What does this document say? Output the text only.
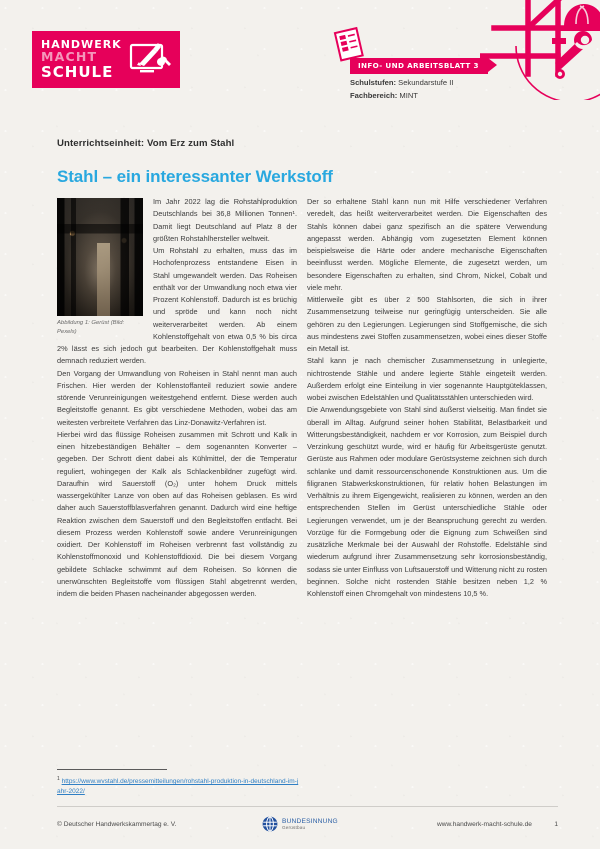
HANDWERK
MACHT
SCHULE	INFO- UND ARBEITSBLATT 3
Schulstufen: Sekundarstufe II
Fachbereich: MINT
Unterrichtseinheit: Vom Erz zum Stahl
Stahl – ein interessanter Werkstoff
Abbildung 1: Gerüst (Bild: Pexels)

Im Jahr 2022 lag die Rohstahlproduktion Deutschlands bei 36,8 Millionen Tonnen¹. Damit liegt Deutschland auf Platz 8 der größten Rohstahlhersteller weltweit.

Um Rohstahl zu erhalten, muss das im Hochofenprozess entstandene Eisen in Stahl umgewandelt werden. Das Roheisen enthält vor der Umwandlung noch etwa vier Prozent Kohlenstoff. Dadurch ist es brüchig und spröde und kann noch nicht weiterverarbeitet werden. Ab einem Kohlenstoffgehalt von etwa 0,5 % bis circa 2% lässt es sich jedoch gut bearbeiten. Der Kohlenstoffgehalt muss demnach reduziert werden.

Den Vorgang der Umwandlung von Roheisen in Stahl nennt man auch Frischen. Hier werden der Kohlenstoffanteil reduziert sowie andere störende Verunreinigungen weitestgehend entfernt. Diese werden auch Begleitstoffe genannt. Es gibt verschiedene Methoden, wobei das am weitesten verbreitete Verfahren das Linz-Donawitz-Verfahren ist.

Hierbei wird das flüssige Roheisen zusammen mit Schrott und Kalk in einen hitzebeständigen Behälter – dem sogenannten Konverter – gegeben. Der Schrott dient dabei als Kühlmittel, der die Temperatur reguliert, wohingegen der Kalk als Schlackenbildner zugefügt wird. Daraufhin wird Sauerstoff (O₂) unter hohem Druck mittels wassergekühlter Lanze von oben auf das Roheisen geblasen. Es wird daher auch Sauerstoffblasverfahren genannt. Dadurch wird eine heftige Reaktion zwischen dem Sauerstoff und den Begleitstoffen entfacht. Bei diesem Prozess werden Kohlenstoff sowie andere Verunreinigungen oxidiert. Der Kohlenstoff im Roheisen verbrennt fast vollständig zu Kohlenstoffmonoxid und Kohlenstoffdioxid. Die bei diesem Vorgang gebildete Schlacke schwimmt auf dem Roheisen. So können die unerwünschten Begleitstoffe vom flüssigen Stahl abgetrennt werden, indem die beiden Phasen nacheinander abgegossen werden.

Der so erhaltene Stahl kann nun mit Hilfe verschiedener Verfahren veredelt, das heißt weiterverarbeitet werden. Die Eigenschaften des Stahls können dabei ganz spezifisch an die spätere Verwendung angepasst werden. Abhängig vom zugesetzten Element können beispielsweise die Härte oder andere mechanische Eigenschaften beeinflusst werden. Mögliche Elemente, die zugesetzt werden, um besondere Eigenschaften zu erhalten, sind Chrom, Nickel, Cobalt und viele mehr.

Mittlerweile gibt es über 2 500 Stahlsorten, die sich in ihrer Zusammensetzung teilweise nur geringfügig unterscheiden. Sie alle gehören zu den Legierungen. Legierungen sind Stoffgemische, die sich aus mindestens zwei Stoffen zusammensetzen, wobei eines dieser Stoffe ein Metall ist.

Stahl kann je nach chemischer Zusammensetzung in unlegierte, nichtrostende Stähle und andere legierte Stähle eingeteilt werden. Außerdem erfolgt eine Einteilung in vier sogenannte Hauptgüteklassen, wobei zwischen Edelstählen und Qualitätsstählen unterschieden wird.

Die Anwendungsgebiete von Stahl sind äußerst vielseitig. Man findet sie überall im Alltag. Aufgrund seiner hohen Stabilität, Belastbarkeit und Witterungsbeständigkeit, nachdem er vor Korrosion, zum Beispiel durch Verzinkung geschützt wurde, wird er häufig für Arbeitsgerüste genutzt. Gerüste aus Rahmen oder modulare Gerüstsysteme zeichnen sich durch schlanke und damit ressourcenschonende Konstruktionen aus. Um die filigranen Stabwerkskonstruktionen, für relativ hohen Belastungen im Verhältnis zu ihrem Eigengewicht, realisieren zu können, werden an den entsprechenden Stellen im Gerüst unterschiedliche Stähle oder Legierungen verwendet, um je der Beanspruchung gerecht zu werden. Vorzüge für die Formgebung oder die Eignung zum Schweißen sind zusätzliche Merkmale bei der Auswahl der Rohstoffe. Edelstähle sind wiederum aufgrund ihrer Zusammensetzung sehr korrosionsbeständig, sodass sie unter Einfluss von Luftsauerstoff und Witterung nicht zu rosten beginnen. Solche nicht rostenden Stähle besitzen neben 1,2 % Kohlenstoff einen Chromgehalt von mindestens 10,5 %.

$^1$ https://www.wvstahl.de/pressemitteilungen/rohstahl-produktion-in-deutschland-im-jahr-2022/
© Deutscher Handwerkskammertag e. V.	BUNDESINNUNG
Gerüstbau
www.handwerk-macht-schule.de	1
